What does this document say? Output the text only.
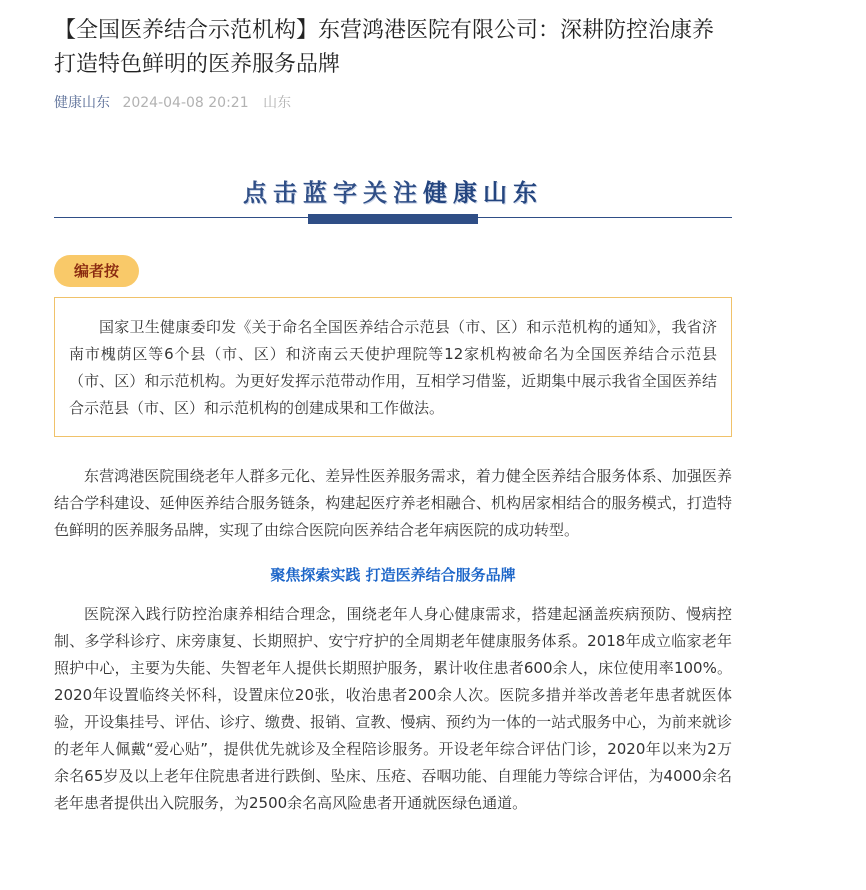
【全国医养结合示范机构】东营鸿港医院有限公司：深耕防控治康养打造特色鲜明的医养服务品牌
健康山东 2024-04-08 20:21 山东
点击蓝字关注健康山东
编者按
国家卫生健康委印发《关于命名全国医养结合示范县（市、区）和示范机构的通知》，我省济南市槐荫区等6个县（市、区）和济南云天使护理院等12家机构被命名为全国医养结合示范县（市、区）和示范机构。为更好发挥示范带动作用，互相学习借鉴，近期集中展示我省全国医养结合示范县（市、区）和示范机构的创建成果和工作做法。

东营鸿港医院围绕老年人群多元化、差异性医养服务需求，着力健全医养结合服务体系、加强医养结合学科建设、延伸医养结合服务链条，构建起医疗养老相融合、机构居家相结合的服务模式，打造特色鲜明的医养服务品牌，实现了由综合医院向医养结合老年病医院的成功转型。

聚焦探索实践 打造医养结合服务品牌

医院深入践行防控治康养相结合理念，围绕老年人身心健康需求，搭建起涵盖疾病预防、慢病控制、多学科诊疗、床旁康复、长期照护、安宁疗护的全周期老年健康服务体系。2018年成立临家老年照护中心，主要为失能、失智老年人提供长期照护服务，累计收住患者600余人，床位使用率100%。2020年设置临终关怀科，设置床位20张，收治患者200余人次。医院多措并举改善老年患者就医体验，开设集挂号、评估、诊疗、缴费、报销、宣教、慢病、预约为一体的一站式服务中心，为前来就诊的老年人佩戴“爱心贴”，提供优先就诊及全程陪诊服务。开设老年综合评估门诊，2020年以来为2万余名65岁及以上老年住院患者进行跌倒、坠床、压疮、吞咽功能、自理能力等综合评估，为4000余名老年患者提供出入院服务，为2500余名高风险患者开通就医绿色通道。
